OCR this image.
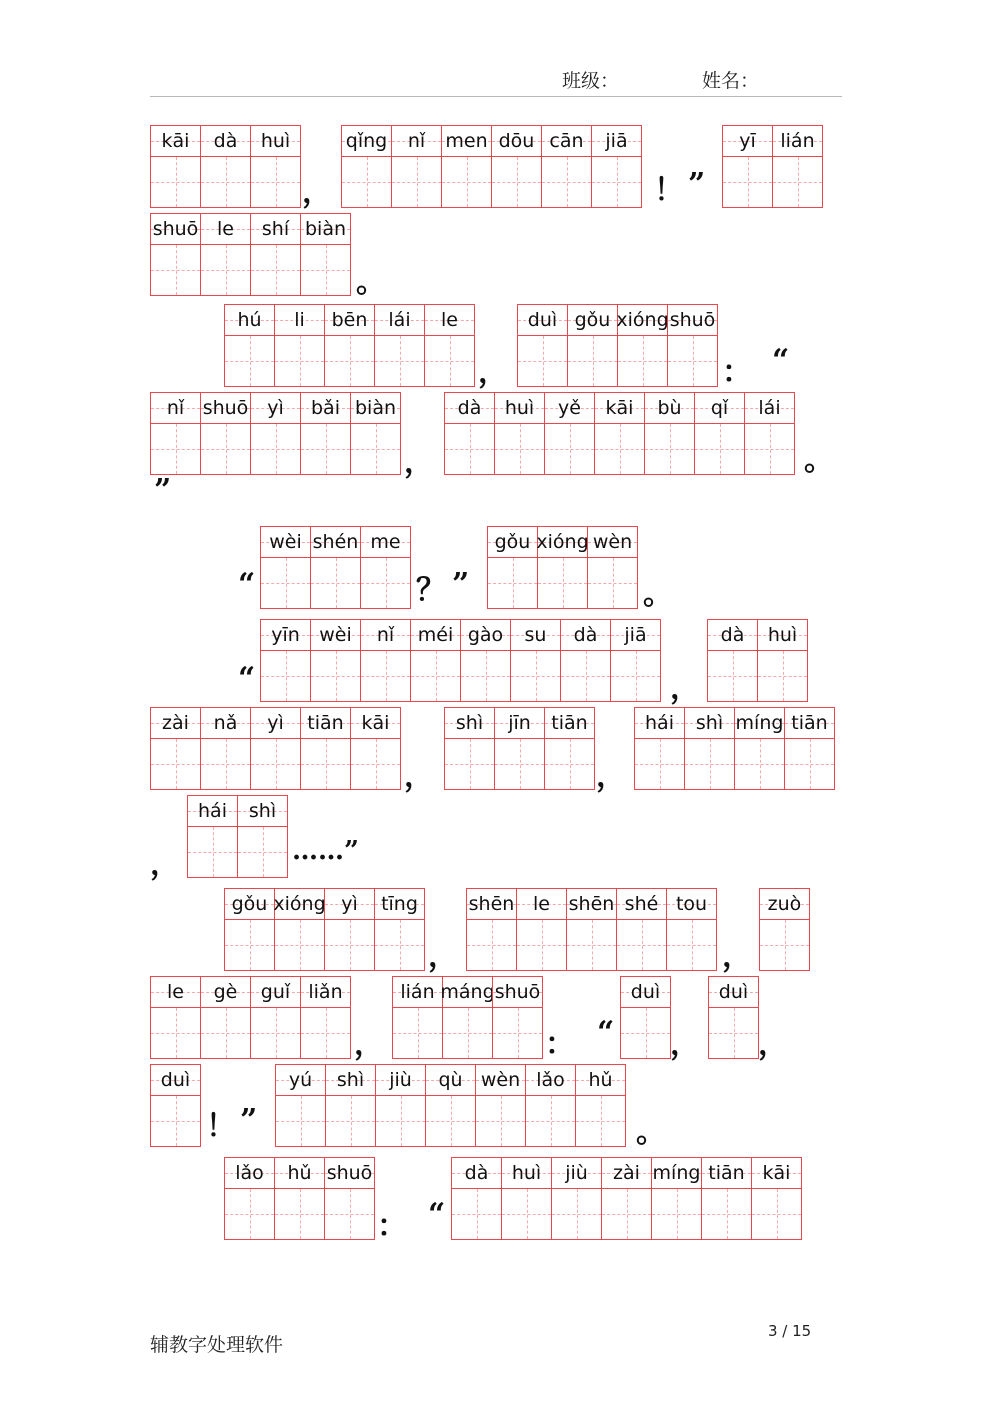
班级：	姓名：
kāi dà huì	qǐng nǐ men dōu cān jiā	yī lián
，	！ ”
shuō le shí biàn
。
hú li bēn lái le	duì gǒu xióng shuō
，	： “
nǐ shuō yì bǎi biàn	dà huì yě kāi bù qǐ lái
，	。
”
wèi shén me	gǒu xióng wèn
“	？ ”	。
yīn wèi nǐ méi gào su dà jiā	dà huì
“	，
zài nǎ yì tiān kāi	shì jīn tiān	hái shì míng tiān
，	，
hái shì
，	……”
gǒu xióng yì tīng	shēn le shēn shé tou	zuò
，	，
le gè guǐ liǎn	lián máng shuō	duì	duì
，	： “ ， ，
duì	yú shì jiù qù wèn lǎo hǔ
！ ”	。
lǎo hǔ shuō	dà huì jiù zài míng tiān kāi
： “
辅教字处理软件
3 / 15
